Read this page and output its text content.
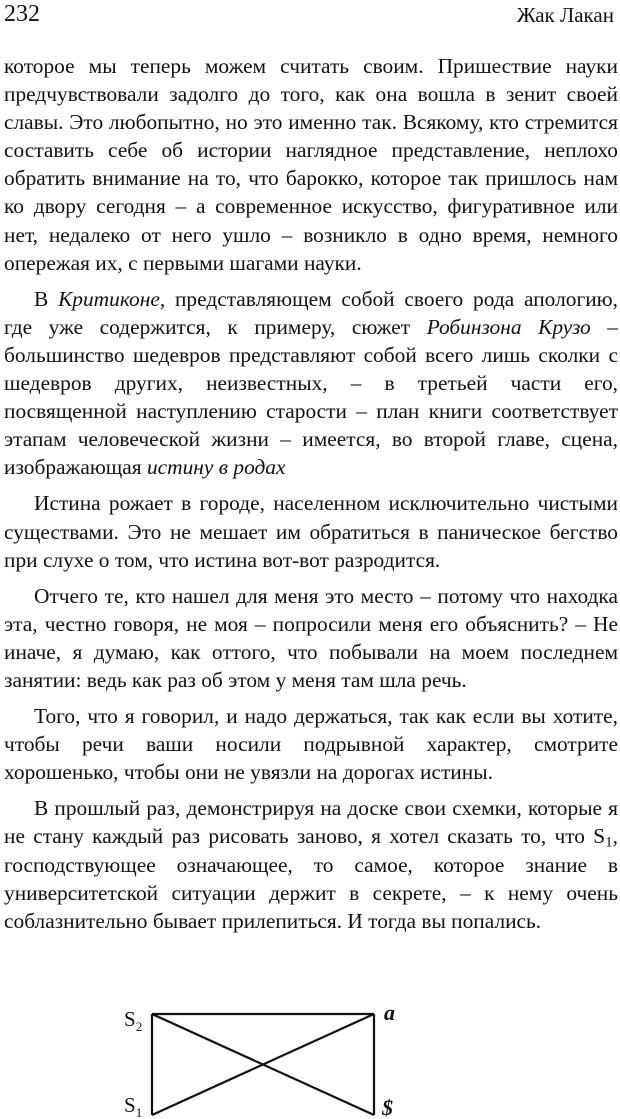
232	Жак Лакан

которое мы теперь можем считать своим. Пришествие науки предчувствовали задолго до того, как она вошла в зенит своей славы. Это любопытно, но это именно так. Всякому, кто стремится составить себе об истории наглядное представление, неплохо обратить внимание на то, что барокко, которое так пришлось нам ко двору сегодня – а современное искусство, фигуративное или нет, недалеко от него ушло – возникло в одно время, немного опережая их, с первыми шагами науки.

В Критиконе, представляющем собой своего рода апологию, где уже содержится, к примеру, сюжет Робинзона Крузо – большинство шедевров представляют собой всего лишь сколки с шедевров других, неизвестных, – в третьей части его, посвященной наступлению старости – план книги соответствует этапам человеческой жизни – имеется, во второй главе, сцена, изображающая истину в родах

Истина рожает в городе, населенном исключительно чистыми существами. Это не мешает им обратиться в паническое бегство при слухе о том, что истина вот-вот разродится.

Отчего те, кто нашел для меня это место – потому что находка эта, честно говоря, не моя – попросили меня его объяснить? – Не иначе, я думаю, как оттого, что побывали на моем последнем занятии: ведь как раз об этом у меня там шла речь.

Того, что я говорил, и надо держаться, так как если вы хотите, чтобы речи ваши носили подрывной характер, смотрите хорошенько, чтобы они не увязли на дорогах истины.

В прошлый раз, демонстрируя на доске свои схемки, которые я не стану каждый раз рисовать заново, я хотел сказать то, что $S_1$, господствующее означающее, то самое, которое знание в университетской ситуации держит в секрете, – к нему очень соблазнительно бывает прилепиться. И тогда вы попались.

$S_2$
$S_1$
a
$
